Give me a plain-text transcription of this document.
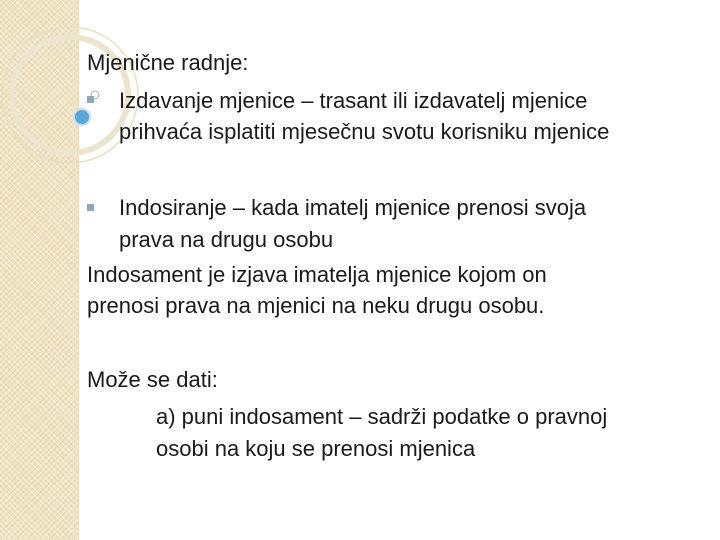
Mjenične radnje:
Izdavanje mjenice – trasant ili izdavatelj mjenice
prihvaća isplatiti mjesečnu svotu korisniku mjenice
Indosiranje – kada imatelj mjenice prenosi svoja
prava na drugu osobu
Indosament je izjava imatelja mjenice kojom on
prenosi prava na mjenici na neku drugu osobu.
Može se dati:
a) puni indosament – sadrži podatke o pravnoj
osobi na koju se prenosi mjenica
